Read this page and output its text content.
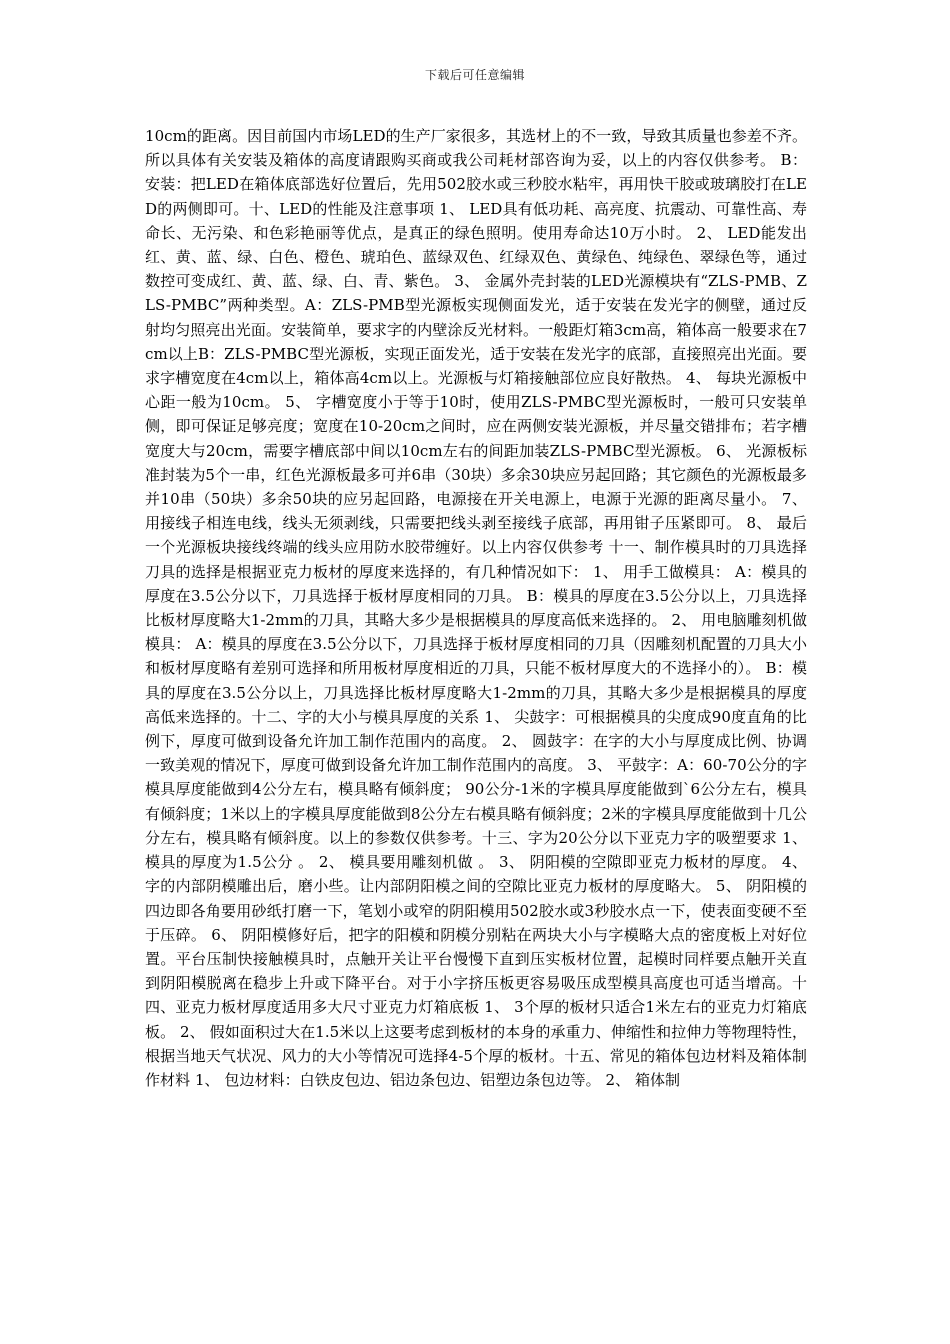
下载后可任意编辑
10cm的距离。因目前国内市场LED的生产厂家很多，其选材上的不一致，导致其质量也参差不齐。所以具体有关安装及箱体的高度请跟购买商或我公司耗材部咨询为妥，以上的内容仅供参考。 B：安装：把LED在箱体底部选好位置后，先用502胶水或三秒胶水粘牢，再用快干胶或玻璃胶打在LED的两侧即可。十、LED的性能及注意事项 1、 LED具有低功耗、高亮度、抗震动、可靠性高、寿命长、无污染、和色彩艳丽等优点，是真正的绿色照明。使用寿命达10万小时。 2、 LED能发出红、黄、蓝、绿、白色、橙色、琥珀色、蓝绿双色、红绿双色、黄绿色、纯绿色、翠绿色等，通过数控可变成红、黄、蓝、绿、白、青、紫色。 3、 金属外壳封装的LED光源模块有“ZLS-PMB、ZLS-PMBC”两种类型。A：ZLS-PMB型光源板实现侧面发光，适于安装在发光字的侧壁，通过反射均匀照亮出光面。安装简单，要求字的内壁涂反光材料。一般距灯箱3cm高，箱体高一般要求在7cm以上B：ZLS-PMBC型光源板，实现正面发光，适于安装在发光字的底部，直接照亮出光面。要求字槽宽度在4cm以上，箱体高4cm以上。光源板与灯箱接触部位应良好散热。 4、 每块光源板中心距一般为10cm。 5、 字槽宽度小于等于10时，使用ZLS-PMBC型光源板时，一般可只安装单侧，即可保证足够亮度；宽度在10-20cm之间时，应在两侧安装光源板，并尽量交错排布；若字槽宽度大与20cm，需要字槽底部中间以10cm左右的间距加装ZLS-PMBC型光源板。 6、 光源板标准封装为5个一串，红色光源板最多可并6串（30块）多余30块应另起回路；其它颜色的光源板最多并10串（50块）多余50块的应另起回路，电源接在开关电源上，电源于光源的距离尽量小。 7、 用接线子相连电线，线头无须剥线，只需要把线头剥至接线子底部，再用钳子压紧即可。 8、 最后一个光源板块接线终端的线头应用防水胶带缠好。以上内容仅供参考 十一、制作模具时的刀具选择刀具的选择是根据亚克力板材的厚度来选择的，有几种情况如下： 1、 用手工做模具： A：模具的厚度在3.5公分以下，刀具选择于板材厚度相同的刀具。 B：模具的厚度在3.5公分以上，刀具选择比板材厚度略大1-2mm的刀具，其略大多少是根据模具的厚度高低来选择的。 2、 用电脑雕刻机做模具： A：模具的厚度在3.5公分以下，刀具选择于板材厚度相同的刀具（因雕刻机配置的刀具大小和板材厚度略有差别可选择和所用板材厚度相近的刀具，只能不板材厚度大的不选择小的）。 B：模具的厚度在3.5公分以上，刀具选择比板材厚度略大1-2mm的刀具，其略大多少是根据模具的厚度高低来选择的。十二、字的大小与模具厚度的关系 1、 尖鼓字：可根据模具的尖度成90度直角的比例下，厚度可做到设备允许加工制作范围内的高度。 2、 圆鼓字：在字的大小与厚度成比例、协调一致美观的情况下，厚度可做到设备允许加工制作范围内的高度。 3、 平鼓字：A：60-70公分的字模具厚度能做到4公分左右，模具略有倾斜度； 90公分-1米的字模具厚度能做到`6公分左右，模具有倾斜度；1米以上的字模具厚度能做到8公分左右模具略有倾斜度；2米的字模具厚度能做到十几公分左右，模具略有倾斜度。以上的参数仅供参考。十三、字为20公分以下亚克力字的吸塑要求 1、 模具的厚度为1.5公分 。 2、 模具要用雕刻机做 。 3、 阴阳模的空隙即亚克力板材的厚度。 4、 字的内部阴模雕出后，磨小些。让内部阴阳模之间的空隙比亚克力板材的厚度略大。 5、 阴阳模的四边即各角要用砂纸打磨一下，笔划小或窄的阴阳模用502胶水或3秒胶水点一下，使表面变硬不至于压碎。 6、 阴阳模修好后，把字的阳模和阴模分别粘在两块大小与字模略大点的密度板上对好位置。平台压制快接触模具时，点触开关让平台慢慢下直到压实板材位置，起模时同样要点触开关直到阴阳模脱离在稳步上升或下降平台。对于小字挤压板更容易吸压成型模具高度也可适当增高。十四、亚克力板材厚度适用多大尺寸亚克力灯箱底板 1、 3个厚的板材只适合1米左右的亚克力灯箱底板。 2、 假如面积过大在1.5米以上这要考虑到板材的本身的承重力、伸缩性和拉伸力等物理特性，根据当地天气状况、风力的大小等情况可选择4-5个厚的板材。十五、常见的箱体包边材料及箱体制作材料 1、 包边材料：白铁皮包边、铝边条包边、铝塑边条包边等。 2、 箱体制
